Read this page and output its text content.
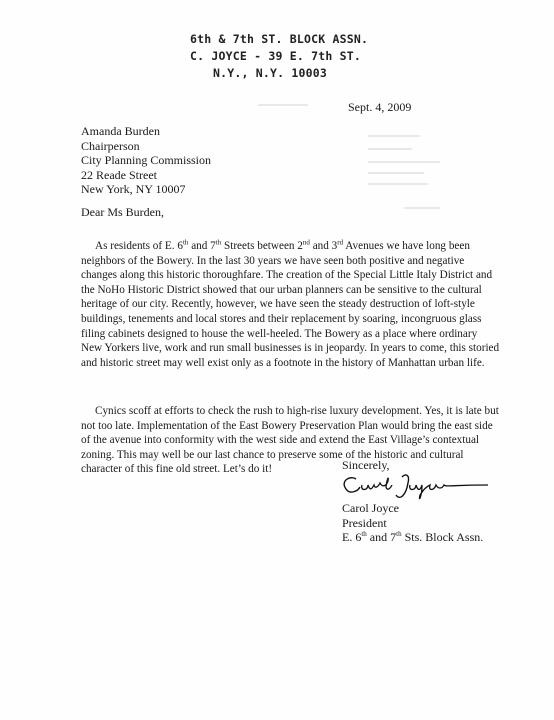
6th & 7th ST. BLOCK ASSN.
C. JOYCE - 39 E. 7th ST.
N.Y., N.Y. 10003
Sept. 4, 2009
Amanda Burden
Chairperson
City Planning Commission
22 Reade Street
New York, NY 10007
Dear Ms Burden,

As residents of E. 6th and 7th Streets between 2nd and 3rd Avenues we have long been neighbors of the Bowery. In the last 30 years we have seen both positive and negative changes along this historic thoroughfare. The creation of the Special Little Italy District and the NoHo Historic District showed that our urban planners can be sensitive to the cultural heritage of our city. Recently, however, we have seen the steady destruction of loft-style buildings, tenements and local stores and their replacement by soaring, incongruous glass filing cabinets designed to house the well-heeled. The Bowery as a place where ordinary New Yorkers live, work and run small businesses is in jeopardy. In years to come, this storied and historic street may well exist only as a footnote in the history of Manhattan urban life.

Cynics scoff at efforts to check the rush to high-rise luxury development. Yes, it is late but not too late. Implementation of the East Bowery Preservation Plan would bring the east side of the avenue into conformity with the west side and extend the East Village’s contextual zoning. This may well be our last chance to preserve some of the historic and cultural character of this fine old street. Let’s do it!	Sincerely,
Carol Joyce
President
E. 6th and 7th Sts. Block Assn.
